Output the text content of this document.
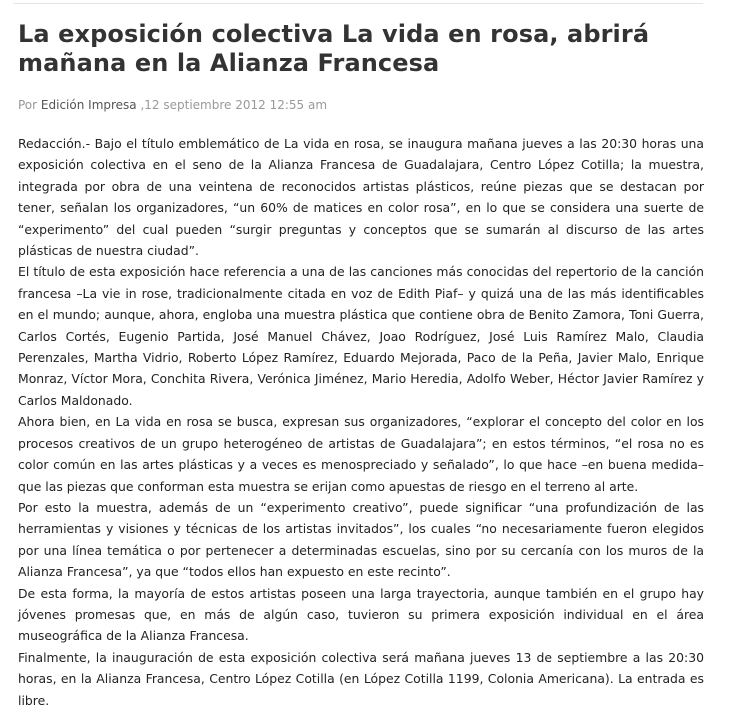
La exposición colectiva La vida en rosa, abrirá mañana en la Alianza Francesa
Por Edición Impresa ,12 septiembre 2012 12:55 am

Redacción.- Bajo el título emblemático de La vida en rosa, se inaugura mañana jueves a las 20:30 horas una exposición colectiva en el seno de la Alianza Francesa de Guadalajara, Centro López Cotilla; la muestra, integrada por obra de una veintena de reconocidos artistas plásticos, reúne piezas que se destacan por tener, señalan los organizadores, “un 60% de matices en color rosa”, en lo que se considera una suerte de “experimento” del cual pueden “surgir preguntas y conceptos que se sumarán al discurso de las artes plásticas de nuestra ciudad”.

El título de esta exposición hace referencia a una de las canciones más conocidas del repertorio de la canción francesa –La vie in rose, tradicionalmente citada en voz de Edith Piaf– y quizá una de las más identificables en el mundo; aunque, ahora, engloba una muestra plástica que contiene obra de Benito Zamora, Toni Guerra, Carlos Cortés, Eugenio Partida, José Manuel Chávez, Joao Rodríguez, José Luis Ramírez Malo, Claudia Perenzales, Martha Vidrio, Roberto López Ramírez, Eduardo Mejorada, Paco de la Peña, Javier Malo, Enrique Monraz, Víctor Mora, Conchita Rivera, Verónica Jiménez, Mario Heredia, Adolfo Weber, Héctor Javier Ramírez y Carlos Maldonado.

Ahora bien, en La vida en rosa se busca, expresan sus organizadores, “explorar el concepto del color en los procesos creativos de un grupo heterogéneo de artistas de Guadalajara”; en estos términos, “el rosa no es color común en las artes plásticas y a veces es menospreciado y señalado”, lo que hace –en buena medida– que las piezas que conforman esta muestra se erijan como apuestas de riesgo en el terreno al arte.

Por esto la muestra, además de un “experimento creativo”, puede significar “una profundización de las herramientas y visiones y técnicas de los artistas invitados”, los cuales “no necesariamente fueron elegidos por una línea temática o por pertenecer a determinadas escuelas, sino por su cercanía con los muros de la Alianza Francesa”, ya que “todos ellos han expuesto en este recinto”.

De esta forma, la mayoría de estos artistas poseen una larga trayectoria, aunque también en el grupo hay jóvenes promesas que, en más de algún caso, tuvieron su primera exposición individual en el área museográfica de la Alianza Francesa.

Finalmente, la inauguración de esta exposición colectiva será mañana jueves 13 de septiembre a las 20:30 horas, en la Alianza Francesa, Centro López Cotilla (en López Cotilla 1199, Colonia Americana). La entrada es libre.
